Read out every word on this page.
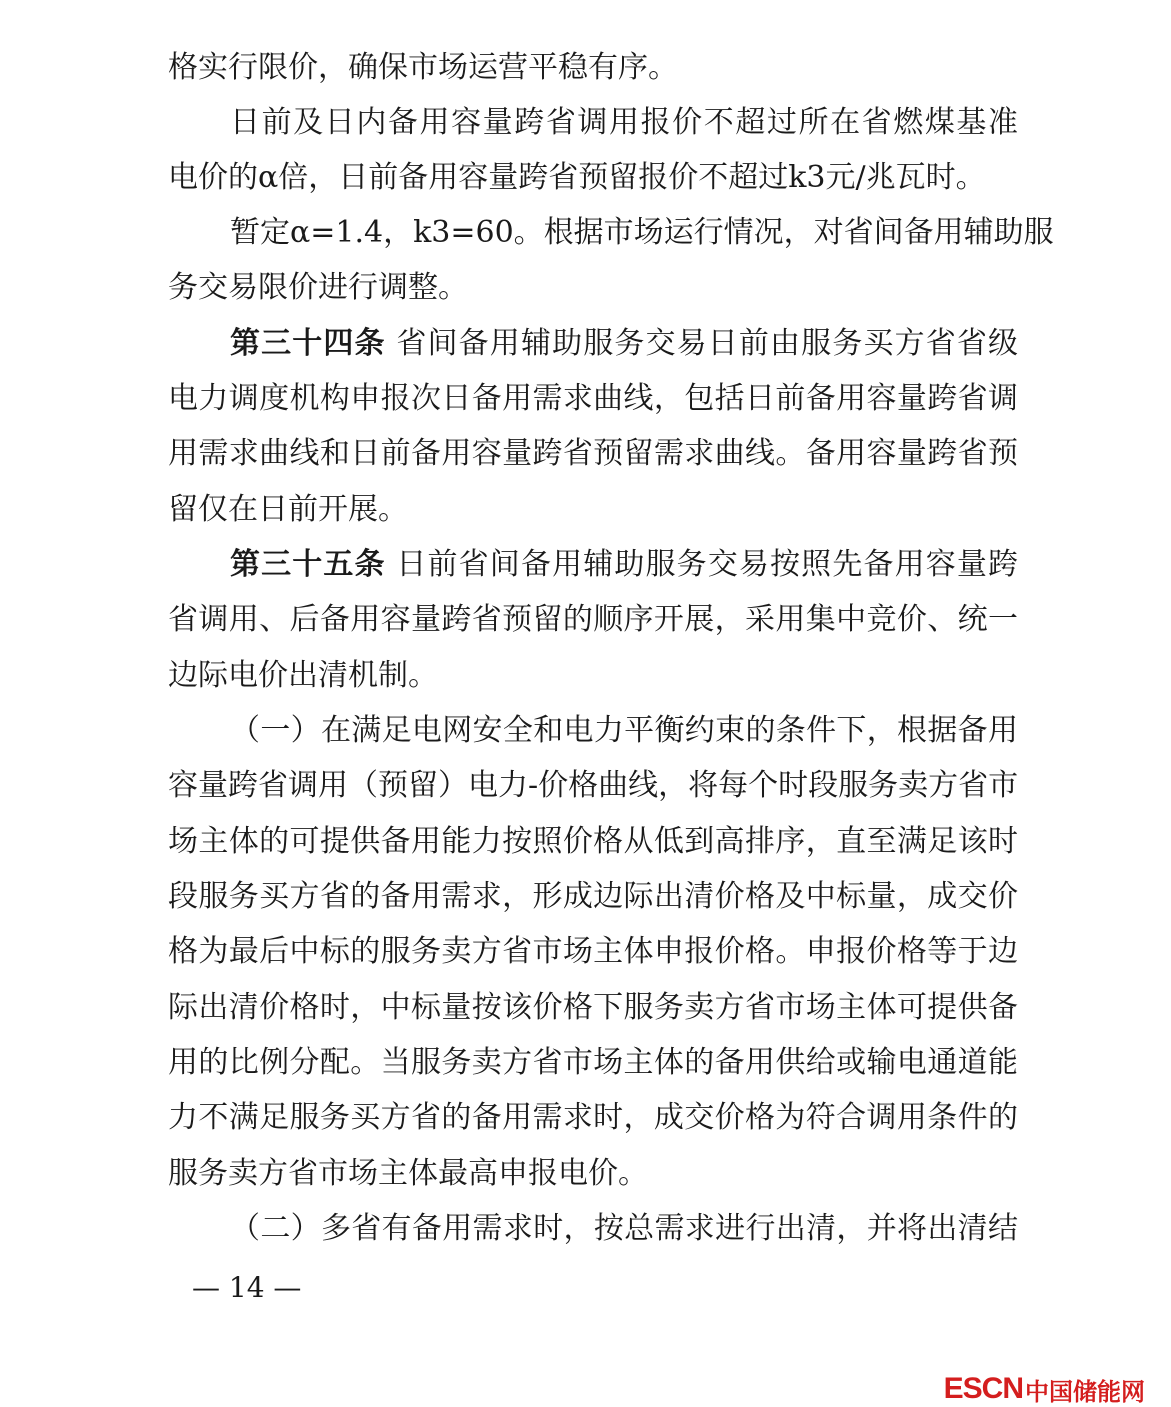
格实行限价，确保市场运营平稳有序。
日前及日内备用容量跨省调用报价不超过所在省燃煤基准
电价的α倍，日前备用容量跨省预留报价不超过k3元/兆瓦时。
暂定α=1.4，k3=60。根据市场运行情况，对省间备用辅助服
务交易限价进行调整。
第三十四条 省间备用辅助服务交易日前由服务买方省省级
电力调度机构申报次日备用需求曲线，包括日前备用容量跨省调
用需求曲线和日前备用容量跨省预留需求曲线。备用容量跨省预
留仅在日前开展。
第三十五条 日前省间备用辅助服务交易按照先备用容量跨
省调用、后备用容量跨省预留的顺序开展，采用集中竞价、统一
边际电价出清机制。
（一）在满足电网安全和电力平衡约束的条件下，根据备用
容量跨省调用（预留）电力-价格曲线，将每个时段服务卖方省市
场主体的可提供备用能力按照价格从低到高排序，直至满足该时
段服务买方省的备用需求，形成边际出清价格及中标量，成交价
格为最后中标的服务卖方省市场主体申报价格。申报价格等于边
际出清价格时，中标量按该价格下服务卖方省市场主体可提供备
用的比例分配。当服务卖方省市场主体的备用供给或输电通道能
力不满足服务买方省的备用需求时，成交价格为符合调用条件的
服务卖方省市场主体最高申报电价。
（二）多省有备用需求时，按总需求进行出清，并将出清结
— 14 —
ESCN 中国储能网
